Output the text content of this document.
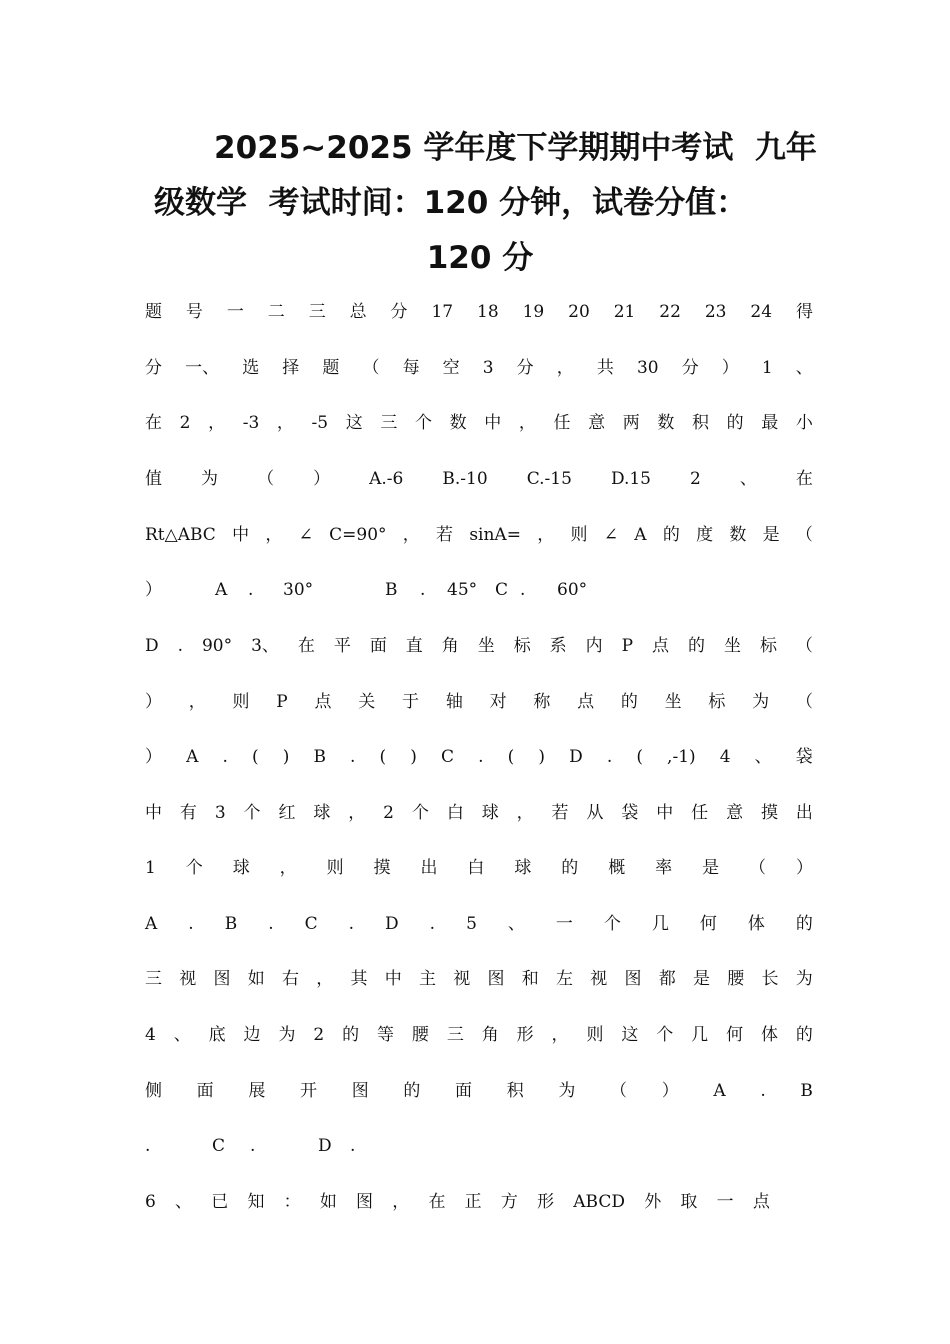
2025~2025 学年度下学期期中考试  九年
级数学  考试时间：120 分钟，试卷分值：
120 分
题 号 一 二 三 总 分 17 18 19 20 21 22 23 24 得
分 一、 选 择 题 （ 每 空 3 分 ， 共 30 分 ） 1 、
在 2 ， -3 ， -5 这 三 个 数 中 ， 任 意 两 数 积 的 最 小
值 为 （ ） A.-6 B.-10 C.-15 D.15 2 、 在
Rt△ABC 中 ， ∠ C=90° ， 若 sinA= ， 则 ∠ A 的 度 数 是 （
）	A . 30°	B . 45° C . 60°
D . 90° 3、 在 平 面 直 角 坐 标 系 内 P 点 的 坐 标 （
） ， 则 P 点 关 于 轴 对 称 点 的 坐 标 为 （
） A . ( ) B . ( ) C . ( ) D . ( ,-1) 4 、 袋
中 有 3 个 红 球 ， 2 个 白 球 ， 若 从 袋 中 任 意 摸 出
1 个 球 ， 则 摸 出 白 球 的 概 率 是 （ ）
A . B . C . D . 5 、 一 个 几 何 体 的
三 视 图 如 右 ， 其 中 主 视 图 和 左 视 图 都 是 腰 长 为
4 、 底 边 为 2 的 等 腰 三 角 形 ， 则 这 个 几 何 体 的
侧 面 展 开 图 的 面 积 为 （ ） A . B
.	C .	D .
6 、 已 知 ： 如 图 ， 在 正 方 形 ABCD 外 取 一 点
